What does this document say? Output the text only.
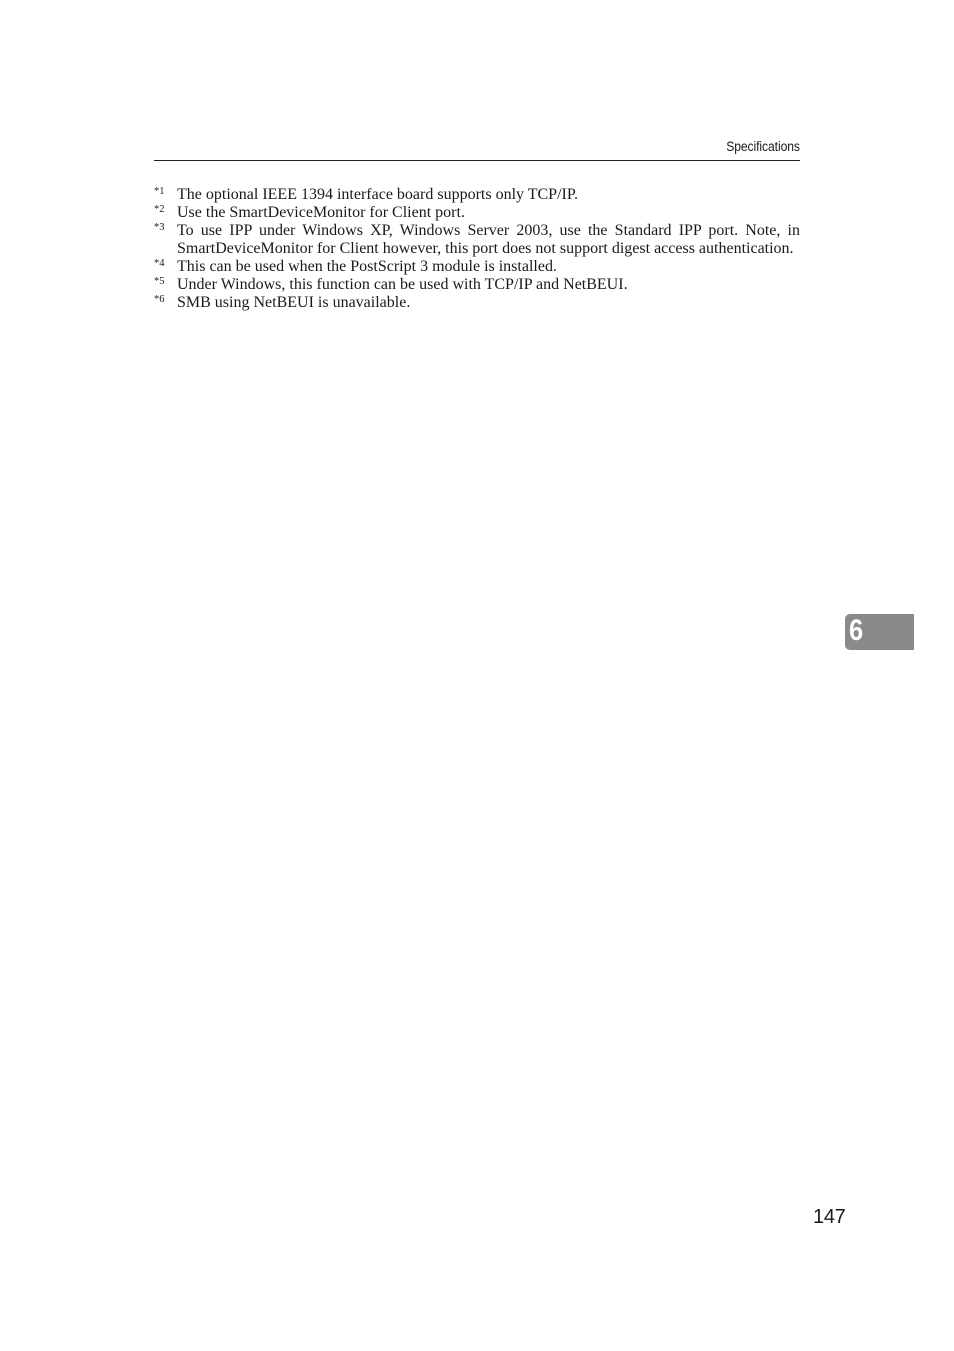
Specifications
*1 The optional IEEE 1394 interface board supports only TCP/IP.
*2 Use the SmartDeviceMonitor for Client port.
*3 To use IPP under Windows XP, Windows Server 2003, use the Standard IPP port. Note, in SmartDeviceMonitor for Client however, this port does not support digest access authentication.
*4 This can be used when the PostScript 3 module is installed.
*5 Under Windows, this function can be used with TCP/IP and NetBEUI.
*6 SMB using NetBEUI is unavailable.
6
147
